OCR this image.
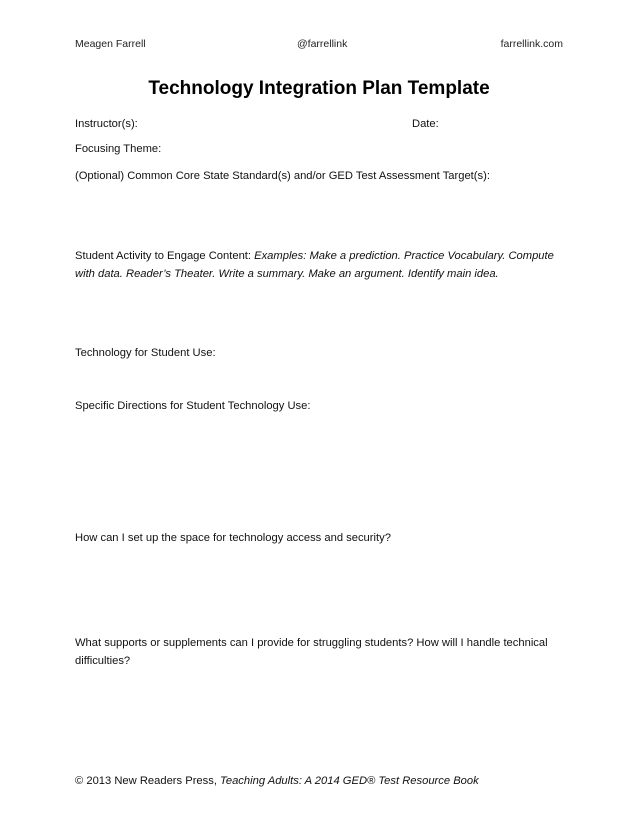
Meagen Farrell	@farrellink	farrellink.com
Technology Integration Plan Template
Instructor(s):	Date:
Focusing Theme:
(Optional) Common Core State Standard(s) and/or GED Test Assessment Target(s):
Student Activity to Engage Content: Examples: Make a prediction. Practice Vocabulary. Compute with data. Reader’s Theater. Write a summary. Make an argument. Identify main idea.
Technology for Student Use:
Specific Directions for Student Technology Use:
How can I set up the space for technology access and security?
What supports or supplements can I provide for struggling students? How will I handle technical difficulties?
© 2013 New Readers Press, Teaching Adults: A 2014 GED® Test Resource Book
